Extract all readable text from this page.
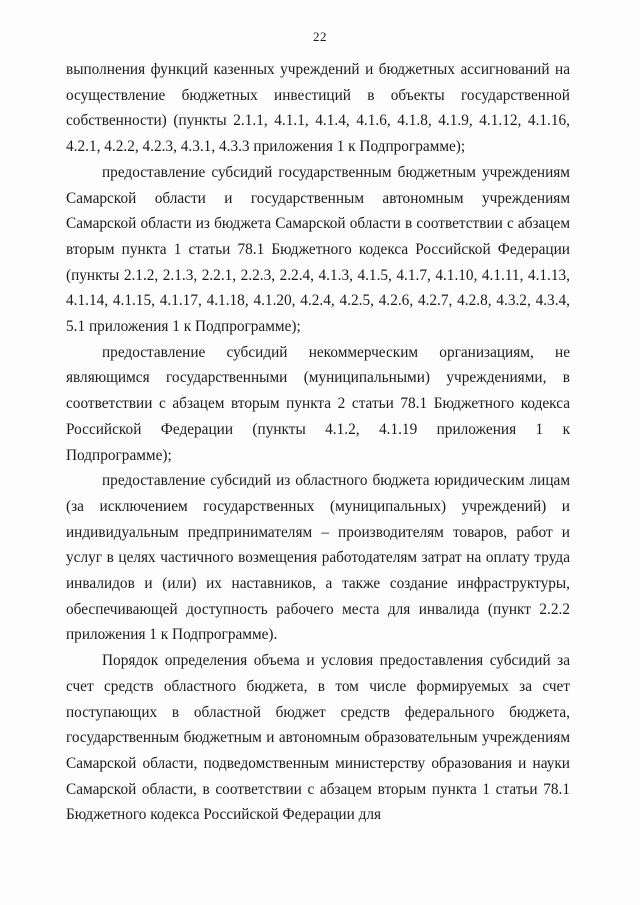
22

выполнения функций казенных учреждений и бюджетных ассигнований на осуществление бюджетных инвестиций в объекты государственной собственности) (пункты 2.1.1, 4.1.1, 4.1.4, 4.1.6, 4.1.8, 4.1.9, 4.1.12, 4.1.16, 4.2.1, 4.2.2, 4.2.3, 4.3.1, 4.3.3 приложения 1 к Подпрограмме);

предоставление субсидий государственным бюджетным учреждениям Самарской области и государственным автономным учреждениям Самарской области из бюджета Самарской области в соответствии с абзацем вторым пункта 1 статьи 78.1 Бюджетного кодекса Российской Федерации (пункты 2.1.2, 2.1.3, 2.2.1, 2.2.3, 2.2.4, 4.1.3, 4.1.5, 4.1.7, 4.1.10, 4.1.11, 4.1.13, 4.1.14, 4.1.15, 4.1.17, 4.1.18, 4.1.20, 4.2.4, 4.2.5, 4.2.6, 4.2.7, 4.2.8, 4.3.2, 4.3.4, 5.1 приложения 1 к Подпрограмме);

предоставление субсидий некоммерческим организациям, не являющимся государственными (муниципальными) учреждениями, в соответствии с абзацем вторым пункта 2 статьи 78.1 Бюджетного кодекса Российской Федерации (пункты 4.1.2, 4.1.19 приложения 1 к Подпрограмме);

предоставление субсидий из областного бюджета юридическим лицам (за исключением государственных (муниципальных) учреждений) и индивидуальным предпринимателям – производителям товаров, работ и услуг в целях частичного возмещения работодателям затрат на оплату труда инвалидов и (или) их наставников, а также создание инфраструктуры, обеспечивающей доступность рабочего места для инвалида (пункт 2.2.2 приложения 1 к Подпрограмме).

Порядок определения объема и условия предоставления субсидий за счет средств областного бюджета, в том числе формируемых за счет поступающих в областной бюджет средств федерального бюджета, государственным бюджетным и автономным образовательным учреждениям Самарской области, подведомственным министерству образования и науки Самарской области, в соответствии с абзацем вторым пункта 1 статьи 78.1 Бюджетного кодекса Российской Федерации для
